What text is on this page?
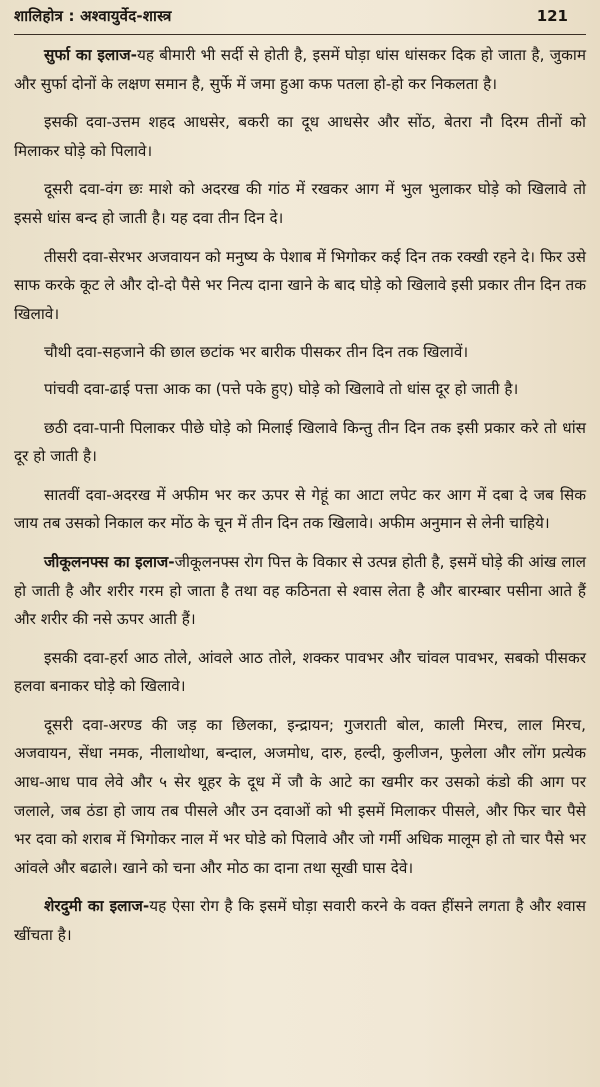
शालिहोत्र : अश्वायुर्वेद-शास्त्र	121

सुर्फा का इलाज-यह बीमारी भी सर्दी से होती है, इसमें घोड़ा धांस धांसकर दिक हो जाता है, जुकाम और सुर्फा दोनों के लक्षण समान है, सुर्फे में जमा हुआ कफ पतला हो-हो कर निकलता है।

इसकी दवा-उत्तम शहद आधसेर, बकरी का दूध आधसेर और सोंठ, बेतरा नौ दिरम तीनों को मिलाकर घोड़े को पिलावे।

दूसरी दवा-वंग छः माशे को अदरख की गांठ में रखकर आग में भुल भुलाकर घोड़े को खिलावे तो इससे धांस बन्द हो जाती है। यह दवा तीन दिन दे।

तीसरी दवा-सेरभर अजवायन को मनुष्य के पेशाब में भिगोकर कई दिन तक रक्खी रहने दे। फिर उसे साफ करके कूट ले और दो-दो पैसे भर नित्य दाना खाने के बाद घोड़े को खिलावे इसी प्रकार तीन दिन तक खिलावे।

चौथी दवा-सहजाने की छाल छटांक भर बारीक पीसकर तीन दिन तक खिलावें।

पांचवी दवा-ढाई पत्ता आक का (पत्ते पके हुए) घोड़े को खिलावे तो धांस दूर हो जाती है।

छठी दवा-पानी पिलाकर पीछे घोड़े को मिलाई खिलावे किन्तु तीन दिन तक इसी प्रकार करे तो धांस दूर हो जाती है।

सातवीं दवा-अदरख में अफीम भर कर ऊपर से गेहूं का आटा लपेट कर आग में दबा दे जब सिक जाय तब उसको निकाल कर मोंठ के चून में तीन दिन तक खिलावे। अफीम अनुमान से लेनी चाहिये।

जीकूलनफ्स का इलाज-जीकूलनफ्स रोग पित्त के विकार से उत्पन्न होती है, इसमें घोड़े की आंख लाल हो जाती है और शरीर गरम हो जाता है तथा वह कठिनता से श्वास लेता है और बारम्बार पसीना आते हैं और शरीर की नसे ऊपर आती हैं।

इसकी दवा-हर्रा आठ तोले, आंवले आठ तोले, शक्कर पावभर और चांवल पावभर, सबको पीसकर हलवा बनाकर घोड़े को खिलावे।

दूसरी दवा-अरण्ड की जड़ का छिलका, इन्द्रायन; गुजराती बोल, काली मिरच, लाल मिरच, अजवायन, सेंधा नमक, नीलाथोथा, बन्दाल, अजमोध, दारु, हल्दी, कुलीजन, फुलेला और लोंग प्रत्येक आध-आध पाव लेवे और ५ सेर थूहर के दूध में जौ के आटे का खमीर कर उसको कंडो की आग पर जलाले, जब ठंडा हो जाय तब पीसले और उन दवाओं को भी इसमें मिलाकर पीसले, और फिर चार पैसे भर दवा को शराब में भिगोकर नाल में भर घोडे को पिलावे और जो गर्मी अधिक मालूम हो तो चार पैसे भर आंवले और बढाले। खाने को चना और मोठ का दाना तथा सूखी घास देवे।

शेरदुमी का इलाज-यह ऐसा रोग है कि इसमें घोड़ा सवारी करने के वक्त हींसने लगता है और श्वास खींचता है।
